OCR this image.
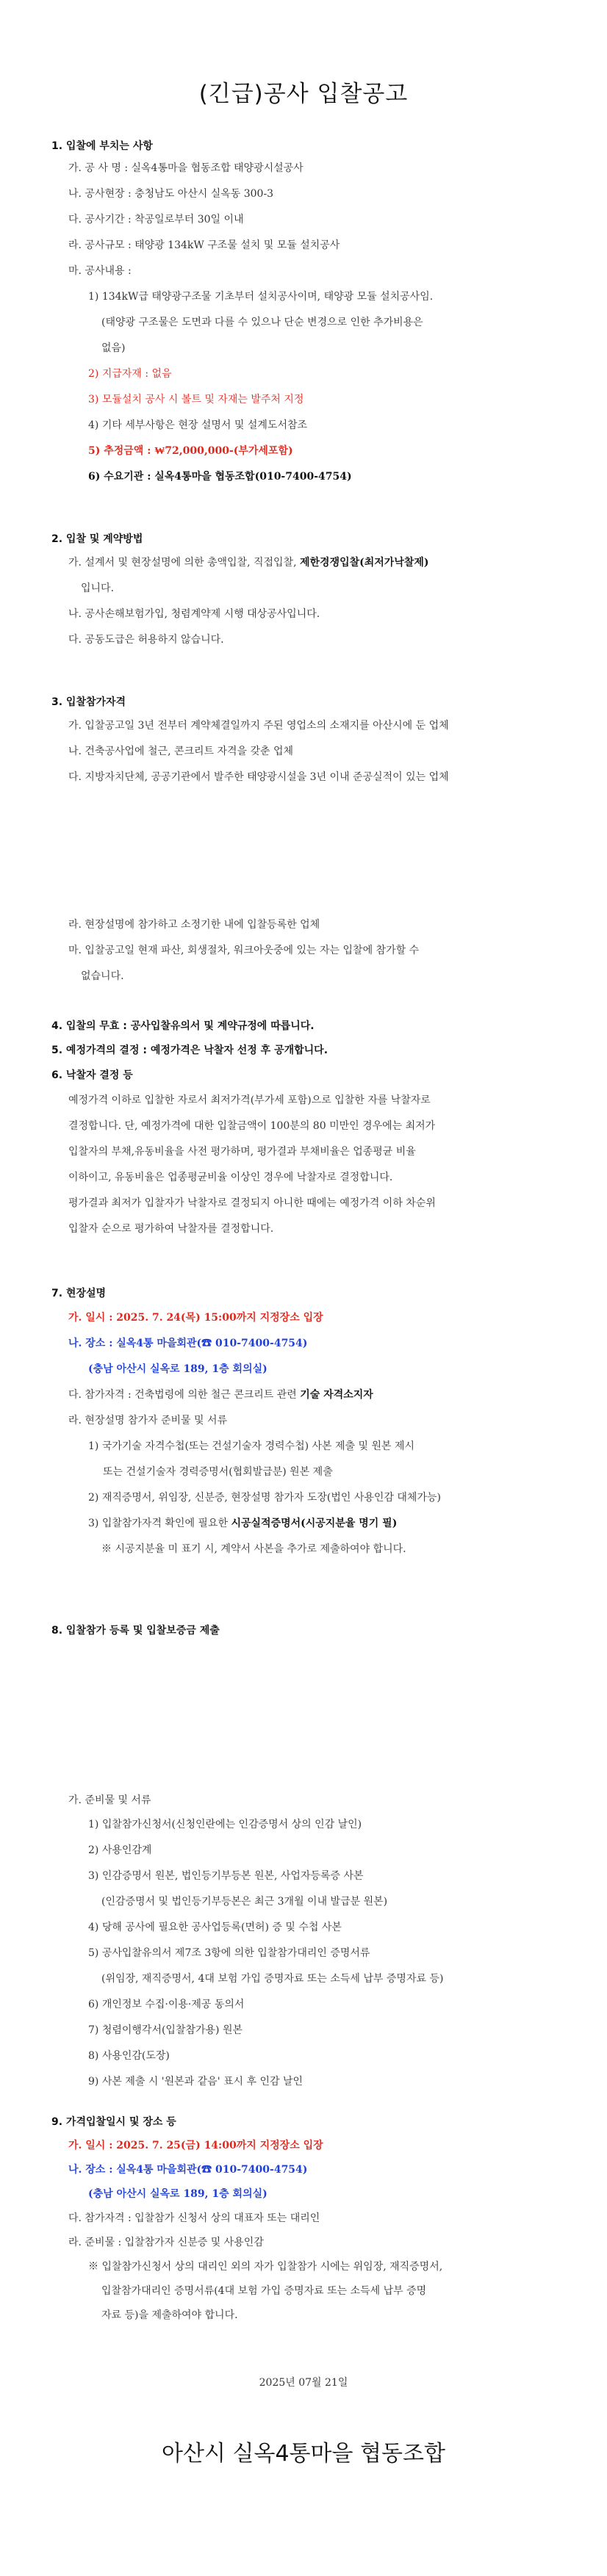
(긴급)공사 입찰공고
1. 입찰에 부치는 사항
가. 공 사 명 : 실옥4통마을 협동조합 태양광시설공사
나. 공사현장 : 충청남도 아산시 실옥동 300-3
다. 공사기간 : 착공일로부터 30일 이내
라. 공사규모 : 태양광 134kW 구조물 설치 및 모듈 설치공사
마. 공사내용 :
1) 134kW급 태양광구조물 기초부터 설치공사이며, 태양광 모듈 설치공사임.
(태양광 구조물은 도면과 다를 수 있으나 단순 변경으로 인한 추가비용은
없음)
2) 지급자재 : 없음
3) 모듈설치 공사 시 볼트 및 자재는 발주처 지정
4) 기타 세부사항은 현장 설명서 및 설계도서참조
5) 추정금액 : ₩72,000,000-(부가세포함)
6) 수요기관 : 실옥4통마을 협동조합(010-7400-4754)
2. 입찰 및 계약방법
가. 설계서 및 현장설명에 의한 총액입찰, 직접입찰, 제한경쟁입찰(최저가낙찰제)
입니다.
나. 공사손해보험가입, 청렴계약제 시행 대상공사입니다.
다. 공동도급은 허용하지 않습니다.
3. 입찰참가자격
가. 입찰공고일 3년 전부터 계약체결일까지 주된 영업소의 소재지를 아산시에 둔 업체
나. 건축공사업에 철근, 콘크리트 자격을 갖춘 업체
다. 지방자치단체, 공공기관에서 발주한 태양광시설을 3년 이내 준공실적이 있는 업체
라. 현장설명에 참가하고 소정기한 내에 입찰등록한 업체
마. 입찰공고일 현재 파산, 회생절차, 워크아웃중에 있는 자는 입찰에 참가할 수
없습니다.
4. 입찰의 무효 : 공사입찰유의서 및 계약규정에 따릅니다.
5. 예정가격의 결정 : 예정가격은 낙찰자 선정 후 공개합니다.
6. 낙찰자 결정 등
예정가격 이하로 입찰한 자로서 최저가격(부가세 포함)으로 입찰한 자를 낙찰자로
결정합니다. 단, 예정가격에 대한 입찰금액이 100분의 80 미만인 경우에는 최저가
입찰자의 부채,유동비율을 사전 평가하며, 평가결과 부채비율은 업종평균 비율
이하이고, 유동비율은 업종평균비율 이상인 경우에 낙찰자로 결정합니다.
평가결과 최저가 입찰자가 낙찰자로 결정되지 아니한 때에는 예정가격 이하 차순위
입찰자 순으로 평가하여 낙찰자를 결정합니다.
7. 현장설명
가. 일시 : 2025. 7. 24(목) 15:00까지 지정장소 입장
나. 장소 : 실옥4통 마을회관(☎ 010-7400-4754)
(충남 아산시 실옥로 189, 1층 회의실)
다. 참가자격 : 건축법령에 의한 철근 콘크리트 관련 기술 자격소지자
라. 현장설명 참가자 준비물 및 서류
1) 국가기술 자격수첩(또는 건설기술자 경력수첩) 사본 제출 및 원본 제시
또는 건설기술자 경력증명서(협회발급분) 원본 제출
2) 재직증명서, 위임장, 신분증, 현장설명 참가자 도장(법인 사용인감 대체가능)
3) 입찰참가자격 확인에 필요한 시공실적증명서(시공지분율 명기 필)
※ 시공지분율 미 표기 시, 계약서 사본을 추가로 제출하여야 합니다.
8. 입찰참가 등록 및 입찰보증금 제출
가. 준비물 및 서류
1) 입찰참가신청서(신청인란에는 인감증명서 상의 인감 날인)
2) 사용인감계
3) 인감증명서 원본, 법인등기부등본 원본, 사업자등록증 사본
(인감증명서 및 법인등기부등본은 최근 3개월 이내 발급분 원본)
4) 당해 공사에 필요한 공사업등록(면허) 증 및 수첩 사본
5) 공사입찰유의서 제7조 3항에 의한 입찰참가대리인 증명서류
(위임장, 재직증명서, 4대 보험 가입 증명자료 또는 소득세 납부 증명자료 등)
6) 개인정보 수집·이용·제공 동의서
7) 청렴이행각서(입찰참가용) 원본
8) 사용인감(도장)
9) 사본 제출 시 '원본과 같음' 표시 후 인감 날인
9. 가격입찰일시 및 장소 등
가. 일시 : 2025. 7. 25(금) 14:00까지 지정장소 입장
나. 장소 : 실옥4통 마을회관(☎ 010-7400-4754)
(충남 아산시 실옥로 189, 1층 회의실)
다. 참가자격 : 입찰참가 신청서 상의 대표자 또는 대리인
라. 준비물 : 입찰참가자 신분증 및 사용인감
※ 입찰참가신청서 상의 대리인 외의 자가 입찰참가 시에는 위임장, 재직증명서,
입찰참가대리인 증명서류(4대 보험 가입 증명자료 또는 소득세 납부 증명
자료 등)을 제출하여야 합니다.
2025년 07월 21일
아산시 실옥4통마을 협동조합
